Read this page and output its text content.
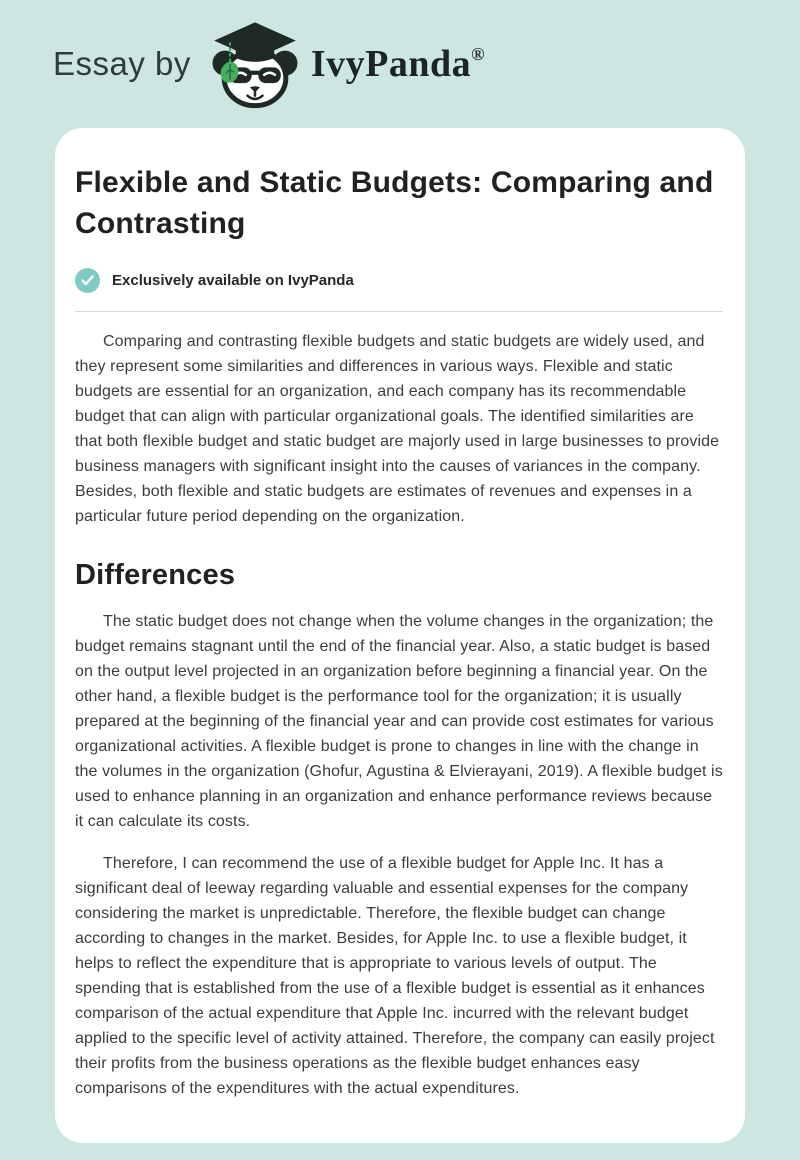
Essay by	IvyPanda®
Flexible and Static Budgets: Comparing and Contrasting
Exclusively available on IvyPanda

Comparing and contrasting flexible budgets and static budgets are widely used, and they represent some similarities and differences in various ways. Flexible and static budgets are essential for an organization, and each company has its recommendable budget that can align with particular organizational goals. The identified similarities are that both flexible budget and static budget are majorly used in large businesses to provide business managers with significant insight into the causes of variances in the company. Besides, both flexible and static budgets are estimates of revenues and expenses in a particular future period depending on the organization.

Differences

The static budget does not change when the volume changes in the organization; the budget remains stagnant until the end of the financial year. Also, a static budget is based on the output level projected in an organization before beginning a financial year. On the other hand, a flexible budget is the performance tool for the organization; it is usually prepared at the beginning of the financial year and can provide cost estimates for various organizational activities. A flexible budget is prone to changes in line with the change in the volumes in the organization (Ghofur, Agustina & Elvierayani, 2019). A flexible budget is used to enhance planning in an organization and enhance performance reviews because it can calculate its costs.

Therefore, I can recommend the use of a flexible budget for Apple Inc. It has a significant deal of leeway regarding valuable and essential expenses for the company considering the market is unpredictable. Therefore, the flexible budget can change according to changes in the market. Besides, for Apple Inc. to use a flexible budget, it helps to reflect the expenditure that is appropriate to various levels of output. The spending that is established from the use of a flexible budget is essential as it enhances comparison of the actual expenditure that Apple Inc. incurred with the relevant budget applied to the specific level of activity attained. Therefore, the company can easily project their profits from the business operations as the flexible budget enhances easy comparisons of the expenditures with the actual expenditures.
